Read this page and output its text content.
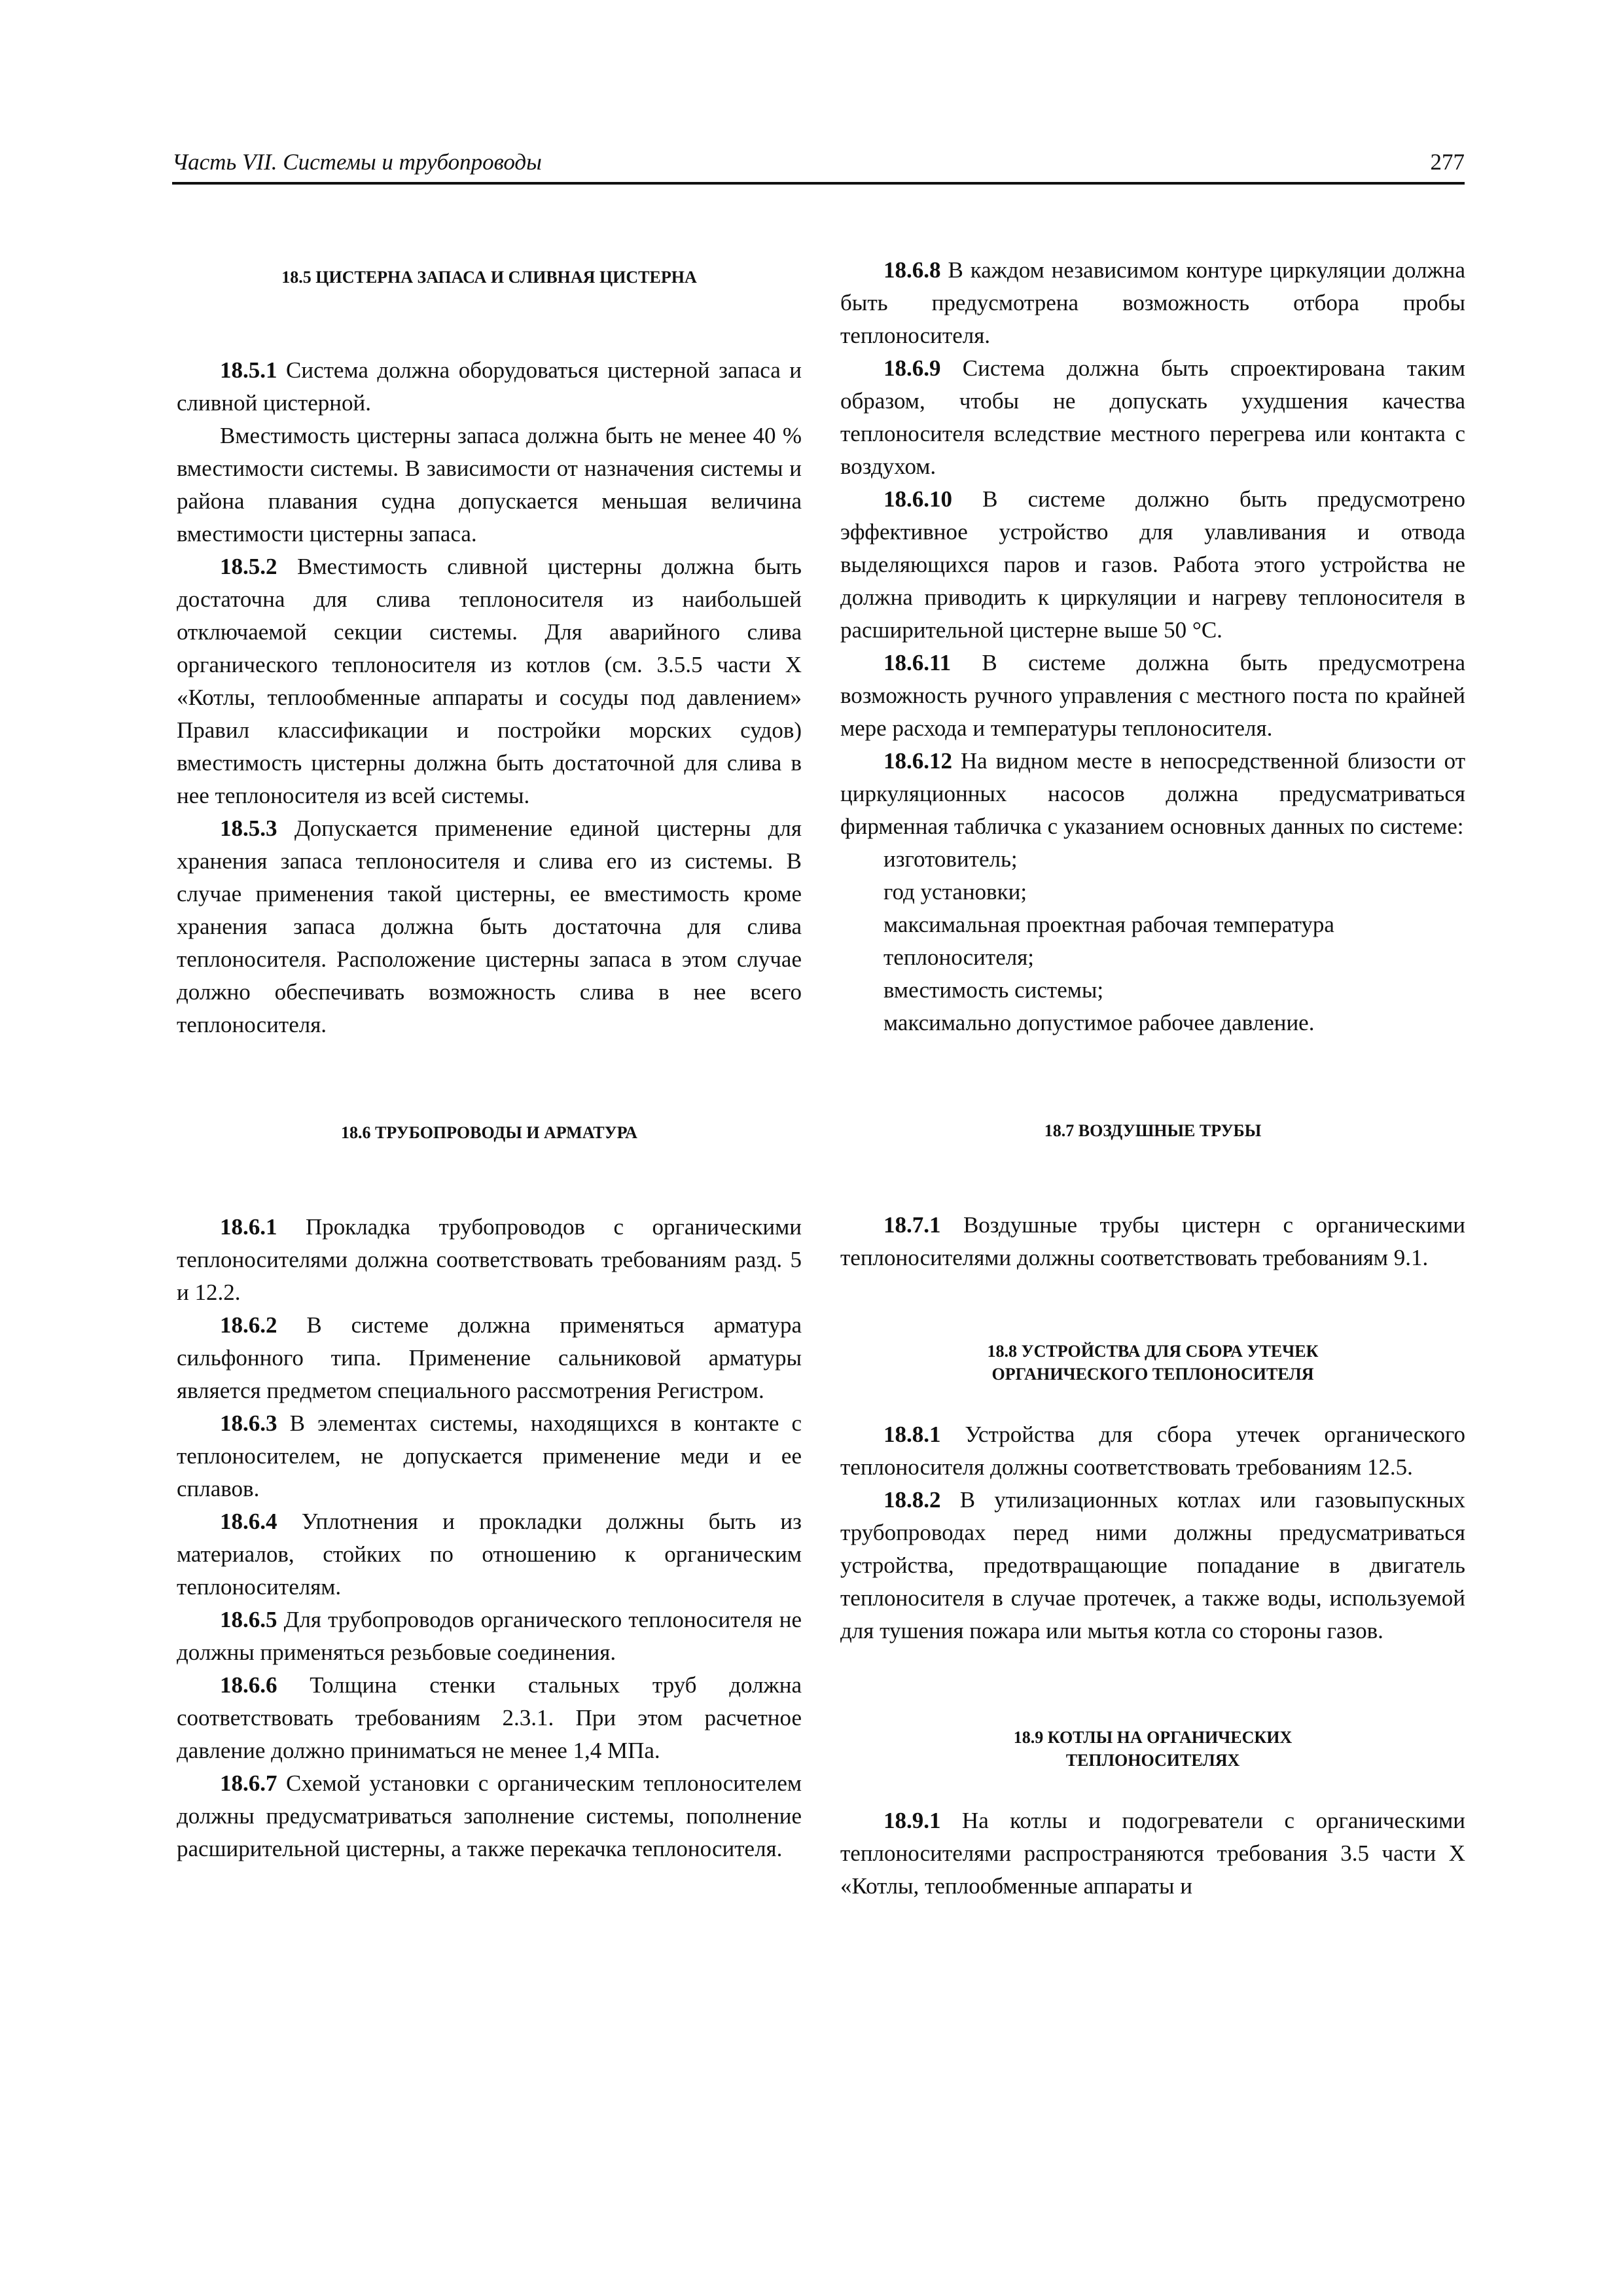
Часть VII. Системы и трубопроводы	277

18.5 ЦИСТЕРНА ЗАПАСА И СЛИВНАЯ ЦИСТЕРНА

18.5.1 Система должна оборудоваться цистерной запаса и сливной цистерной.

Вместимость цистерны запаса должна быть не менее 40 % вместимости системы. В зависимости от назначения системы и района плавания судна допускается меньшая величина вместимости цистерны запаса.

18.5.2 Вместимость сливной цистерны должна быть достаточна для слива теплоносителя из наибольшей отключаемой секции системы. Для аварийного слива органического теплоносителя из котлов (см. 3.5.5 части X «Котлы, теплообменные аппараты и сосуды под давлением» Правил классификации и постройки морских судов) вместимость цистерны должна быть достаточной для слива в нее теплоносителя из всей системы.

18.5.3 Допускается применение единой цистерны для хранения запаса теплоносителя и слива его из системы. В случае применения такой цистерны, ее вместимость кроме хранения запаса должна быть достаточна для слива теплоносителя. Расположение цистерны запаса в этом случае должно обеспечивать возможность слива в нее всего теплоносителя.

18.6 ТРУБОПРОВОДЫ И АРМАТУРА

18.6.1 Прокладка трубопроводов с органическими теплоносителями должна соответствовать требованиям разд. 5 и 12.2.

18.6.2 В системе должна применяться арматура сильфонного типа. Применение сальниковой арматуры является предметом специального рассмотрения Регистром.

18.6.3 В элементах системы, находящихся в контакте с теплоносителем, не допускается применение меди и ее сплавов.

18.6.4 Уплотнения и прокладки должны быть из материалов, стойких по отношению к органическим теплоносителям.

18.6.5 Для трубопроводов органического теплоносителя не должны применяться резьбовые соединения.

18.6.6 Толщина стенки стальных труб должна соответствовать требованиям 2.3.1. При этом расчетное давление должно приниматься не менее 1,4 МПа.

18.6.7 Схемой установки с органическим теплоносителем должны предусматриваться заполнение системы, пополнение расширительной цистерны, а также перекачка теплоносителя.

18.6.8 В каждом независимом контуре циркуляции должна быть предусмотрена возможность отбора пробы теплоносителя.

18.6.9 Система должна быть спроектирована таким образом, чтобы не допускать ухудшения качества теплоносителя вследствие местного перегрева или контакта с воздухом.

18.6.10 В системе должно быть предусмотрено эффективное устройство для улавливания и отвода выделяющихся паров и газов. Работа этого устройства не должна приводить к циркуляции и нагреву теплоносителя в расширительной цистерне выше 50 °С.

18.6.11 В системе должна быть предусмотрена возможность ручного управления с местного поста по крайней мере расхода и температуры теплоносителя.

18.6.12 На видном месте в непосредственной близости от циркуляционных насосов должна предусматриваться фирменная табличка с указанием основных данных по системе:

изготовитель;

год установки;

максимальная проектная рабочая температура теплоносителя;

вместимость системы;

максимально допустимое рабочее давление.

18.7 ВОЗДУШНЫЕ ТРУБЫ

18.7.1 Воздушные трубы цистерн с органическими теплоносителями должны соответствовать требованиям 9.1.

18.8 УСТРОЙСТВА ДЛЯ СБОРА УТЕЧЕК
ОРГАНИЧЕСКОГО ТЕПЛОНОСИТЕЛЯ

18.8.1 Устройства для сбора утечек органического теплоносителя должны соответствовать требованиям 12.5.

18.8.2 В утилизационных котлах или газовыпускных трубопроводах перед ними должны предусматриваться устройства, предотвращающие попадание в двигатель теплоносителя в случае протечек, а также воды, используемой для тушения пожара или мытья котла со стороны газов.

18.9 КОТЛЫ НА ОРГАНИЧЕСКИХ
ТЕПЛОНОСИТЕЛЯХ

18.9.1 На котлы и подогреватели с органическими теплоносителями распространяются требования 3.5 части X «Котлы, теплообменные аппараты и
